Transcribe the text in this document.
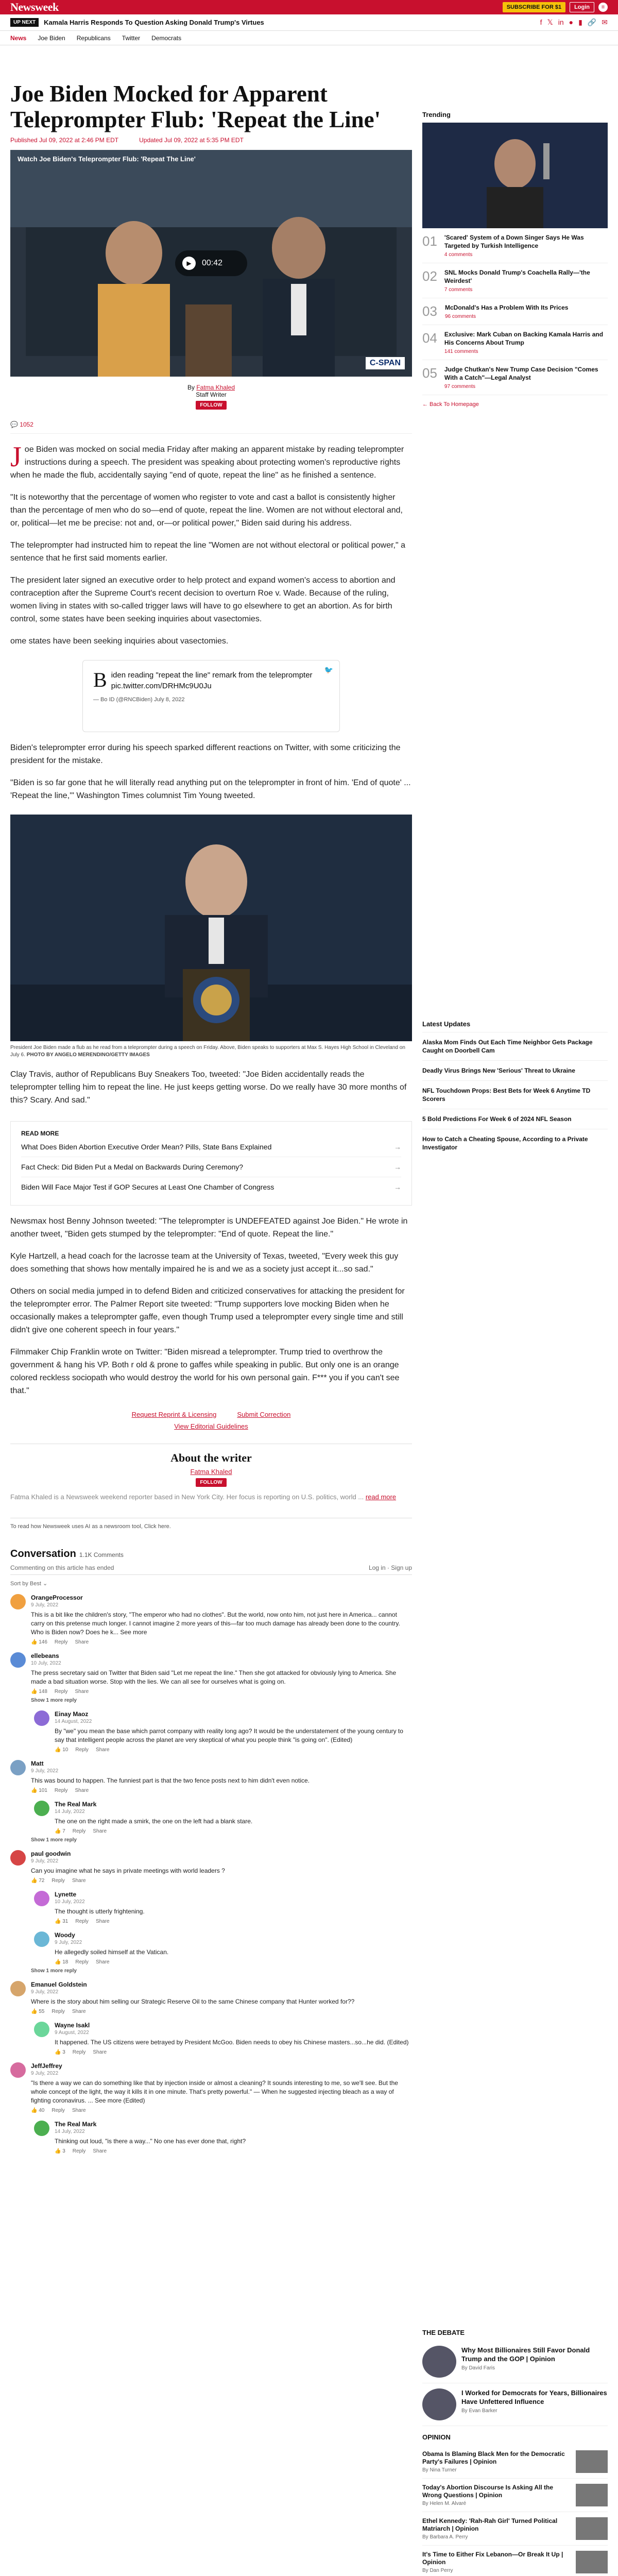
Newsweek	SUBSCRIBE FOR $1	Login	≡
UP NEXT	Kamala Harris Responds To Question Asking Donald Trump's Virtues	f 𝕏 in ● ▮ 🔗 ✉
News Joe Biden Republicans Twitter Democrats
Joe Biden Mocked for Apparent Teleprompter Flub: 'Repeat the Line'
Published Jul 09, 2022 at 2:46 PM EDT	Updated Jul 09, 2022 at 5:35 PM EDT
Watch Joe Biden's Teleprompter Flub: 'Repeat The Line'
▶	00:42
C-SPAN
By Fatma Khaled
Staff Writer
FOLLOW
💬 1052

Joe Biden was mocked on social media Friday after making an apparent mistake by reading teleprompter instructions during a speech. The president was speaking about protecting women's reproductive rights when he made the flub, accidentally saying "end of quote, repeat the line" as he finished a sentence.

"It is noteworthy that the percentage of women who register to vote and cast a ballot is consistently higher than the percentage of men who do so—end of quote, repeat the line. Women are not without electoral and, or, political—let me be precise: not and, or—or political power," Biden said during his address.

The teleprompter had instructed him to repeat the line "Women are not without electoral or political power," a sentence that he first said moments earlier.

The president later signed an executive order to help protect and expand women's access to abortion and contraception after the Supreme Court's recent decision to overturn Roe v. Wade. Because of the ruling, women living in states with so-called trigger laws will have to go elsewhere to get an abortion. As for birth control, some states have been seeking inquiries about vasectomies.

ome states have been seeking inquiries about vasectomies.

🐦
B iden reading "repeat the line" remark from the teleprompter pic.twitter.com/DRHMc9U0Ju
— Bo ID (@RNCBiden) July 8, 2022

Biden's teleprompter error during his speech sparked different reactions on Twitter, with some criticizing the president for the mistake.

"Biden is so far gone that he will literally read anything put on the teleprompter in front of him. 'End of quote' ... 'Repeat the line,'" Washington Times columnist Tim Young tweeted.

President Joe Biden made a flub as he read from a teleprompter during a speech on Friday. Above, Biden speaks to supporters at Max S. Hayes High School in Cleveland on July 6. PHOTO BY ANGELO MERENDINO/GETTY IMAGES

Clay Travis, author of Republicans Buy Sneakers Too, tweeted: "Joe Biden accidentally reads the teleprompter telling him to repeat the line. He just keeps getting worse. Do we really have 30 more months of this? Scary. And sad."

READ MORE
What Does Biden Abortion Executive Order Mean? Pills, State Bans Explained	→
Fact Check: Did Biden Put a Medal on Backwards During Ceremony?	→
Biden Will Face Major Test if GOP Secures at Least One Chamber of Congress	→

Newsmax host Benny Johnson tweeted: "The teleprompter is UNDEFEATED against Joe Biden." He wrote in another tweet, "Biden gets stumped by the teleprompter: "End of quote. Repeat the line."

Kyle Hartzell, a head coach for the lacrosse team at the University of Texas, tweeted, "Every week this guy does something that shows how mentally impaired he is and we as a society just accept it...so sad."

Others on social media jumped in to defend Biden and criticized conservatives for attacking the president for the teleprompter error. The Palmer Report site tweeted: "Trump supporters love mocking Biden when he occasionally makes a teleprompter gaffe, even though Trump used a teleprompter every single time and still didn't give one coherent speech in four years."

Filmmaker Chip Franklin wrote on Twitter: "Biden misread a teleprompter. Trump tried to overthrow the government & hang his VP. Both r old & prone to gaffes while speaking in public. But only one is an orange colored reckless sociopath who would destroy the world for his own personal gain. F*** you if you can't see that."

Request Reprint & Licensing	Submit Correction
View Editorial Guidelines
About the writer
Fatma Khaled
FOLLOW
Fatma Khaled is a Newsweek weekend reporter based in New York City. Her focus is reporting on U.S. politics, world ... read more
To read how Newsweek uses AI as a newsroom tool, Click here.
Conversation 1.1K Comments
Commenting on this article has ended	Log in · Sign up
Sort by Best ⌄
OrangeProcessor
9 July, 2022
This is a bit like the children's story, "The emperor who had no clothes". But the world, now onto him, not just here in America... cannot carry on this pretense much longer. I cannot imagine 2 more years of this—far too much damage has already been done to the country. Who is Biden now? Does he k... See more
👍 146 Reply Share
ellebeans
10 July, 2022
The press secretary said on Twitter that Biden said "Let me repeat the line." Then she got attacked for obviously lying to America. She made a bad situation worse. Stop with the lies. We can all see for ourselves what is going on.
👍 148 Reply Share
Show 1 more reply
Einay Maoz
14 August, 2022
By "we" you mean the base which parrot company with reality long ago? It would be the understatement of the young century to say that intelligent people across the planet are very skeptical of what you people think "is going on". (Edited)
👍 10 Reply Share
Matt
9 July, 2022
This was bound to happen. The funniest part is that the two fence posts next to him didn't even notice.
👍 101 Reply Share
The Real Mark
14 July, 2022
The one on the right made a smirk, the one on the left had a blank stare.
👍 7 Reply Share
Show 1 more reply
paul goodwin
9 July, 2022
Can you imagine what he says in private meetings with world leaders ?
👍 72 Reply Share
Lynette
10 July, 2022
The thought is utterly frightening.
👍 31 Reply Share
Woody
9 July, 2022
He allegedly soiled himself at the Vatican.
👍 18 Reply Share
Show 1 more reply
Emanuel Goldstein
9 July, 2022
Where is the story about him selling our Strategic Reserve Oil to the same Chinese company that Hunter worked for??
👍 55 Reply Share
Wayne Isakl
9 August, 2022
It happened. The US citizens were betrayed by President McGoo. Biden needs to obey his Chinese masters...so...he did. (Edited)
👍 3 Reply Share
JeffJeffrey
9 July, 2022
"Is there a way we can do something like that by injection inside or almost a cleaning? It sounds interesting to me, so we'll see. But the whole concept of the light, the way it kills it in one minute. That's pretty powerful." — When he suggested injecting bleach as a way of fighting coronavirus. ... See more (Edited)
👍 40 Reply Share
The Real Mark
14 July, 2022
Thinking out loud, "is there a way..." No one has ever done that, right?
👍 3 Reply Share
Trending
01 'Scared' System of a Down Singer Says He Was Targeted by Turkish Intelligence
4 comments
02 SNL Mocks Donald Trump's Coachella Rally—'the Weirdest'
7 comments
03 McDonald's Has a Problem With Its Prices
96 comments
04 Exclusive: Mark Cuban on Backing Kamala Harris and His Concerns About Trump
141 comments
05 Judge Chutkan's New Trump Case Decision "Comes With a Catch"—Legal Analyst
97 comments
← Back To Homepage
Latest Updates
Alaska Mom Finds Out Each Time Neighbor Gets Package Caught on Doorbell Cam
Deadly Virus Brings New 'Serious' Threat to Ukraine
NFL Touchdown Props: Best Bets for Week 6 Anytime TD Scorers
5 Bold Predictions For Week 6 of 2024 NFL Season
How to Catch a Cheating Spouse, According to a Private Investigator
THE DEBATE
Why Most Billionaires Still Favor Donald Trump and the GOP | Opinion
By David Faris
I Worked for Democrats for Years, Billionaires Have Unfettered Influence
By Evan Barker
OPINION
Obama Is Blaming Black Men for the Democratic Party's Failures | Opinion
By Nina Turner
Today's Abortion Discourse Is Asking All the Wrong Questions | Opinion
By Helen M. Alvaré
Ethel Kennedy: 'Rah-Rah Girl' Turned Political Matriarch | Opinion
By Barbara A. Perry
It's Time to Either Fix Lebanon—Or Break It Up | Opinion
By Dan Perry
